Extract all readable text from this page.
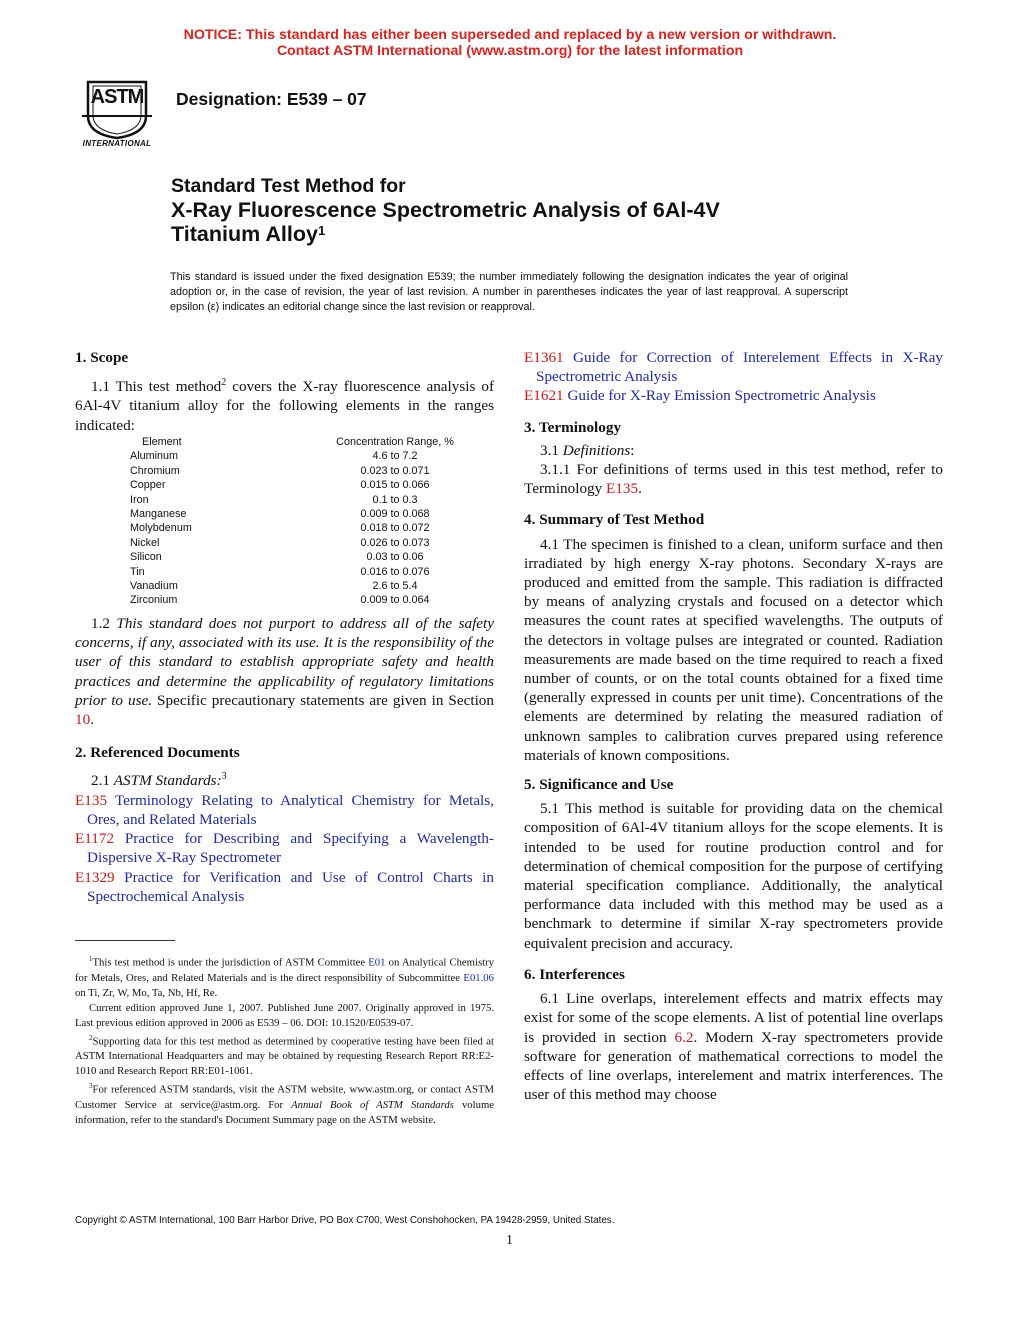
NOTICE: This standard has either been superseded and replaced by a new version or withdrawn.
Contact ASTM International (www.astm.org) for the latest information
ASTM
INTERNATIONAL
Designation: E539 – 07
Standard Test Method for
X-Ray Fluorescence Spectrometric Analysis of 6Al-4V
Titanium Alloy$^1$
This standard is issued under the fixed designation E539; the number immediately following the designation indicates the year of original adoption or, in the case of revision, the year of last revision. A number in parentheses indicates the year of last reapproval. A superscript epsilon (ε) indicates an editorial change since the last revision or reapproval.

1. Scope

1.1 This test method$^2$ covers the X-ray fluorescence analysis of 6Al-4V titanium alloy for the following elements in the ranges indicated:

Element	Concentration Range, %
Aluminum	4.6 to 7.2
Chromium	0.023 to 0.071
Copper	0.015 to 0.066
Iron	0.1 to 0.3
Manganese	0.009 to 0.068
Molybdenum	0.018 to 0.072
Nickel	0.026 to 0.073
Silicon	0.03 to 0.06
Tin	0.016 to 0.076
Vanadium	2.6 to 5.4
Zirconium	0.009 to 0.064

1.2 This standard does not purport to address all of the safety concerns, if any, associated with its use. It is the responsibility of the user of this standard to establish appropriate safety and health practices and determine the applicability of regulatory limitations prior to use. Specific precautionary statements are given in Section 10.

2. Referenced Documents

2.1 ASTM Standards:$^3$

E135 Terminology Relating to Analytical Chemistry for Metals, Ores, and Related Materials

E1172 Practice for Describing and Specifying a Wavelength-Dispersive X-Ray Spectrometer

E1329 Practice for Verification and Use of Control Charts in Spectrochemical Analysis

$^1$This test method is under the jurisdiction of ASTM Committee E01 on Analytical Chemistry for Metals, Ores, and Related Materials and is the direct responsibility of Subcommittee E01.06 on Ti, Zr, W, Mo, Ta, Nb, Hf, Re.

Current edition approved June 1, 2007. Published June 2007. Originally approved in 1975. Last previous edition approved in 2006 as E539 – 06. DOI: 10.1520/E0539-07.

$^2$Supporting data for this test method as determined by cooperative testing have been filed at ASTM International Headquarters and may be obtained by requesting Research Report RR:E2-1010 and Research Report RR:E01-1061.

$^3$For referenced ASTM standards, visit the ASTM website, www.astm.org, or contact ASTM Customer Service at service@astm.org. For Annual Book of ASTM Standards volume information, refer to the standard's Document Summary page on the ASTM website.

E1361 Guide for Correction of Interelement Effects in X-Ray Spectrometric Analysis

E1621 Guide for X-Ray Emission Spectrometric Analysis

3. Terminology

3.1 Definitions:

3.1.1 For definitions of terms used in this test method, refer to Terminology E135.

4. Summary of Test Method

4.1 The specimen is finished to a clean, uniform surface and then irradiated by high energy X-ray photons. Secondary X-rays are produced and emitted from the sample. This radiation is diffracted by means of analyzing crystals and focused on a detector which measures the count rates at specified wavelengths. The outputs of the detectors in voltage pulses are integrated or counted. Radiation measurements are made based on the time required to reach a fixed number of counts, or on the total counts obtained for a fixed time (generally expressed in counts per unit time). Concentrations of the elements are determined by relating the measured radiation of unknown samples to calibration curves prepared using reference materials of known compositions.

5. Significance and Use

5.1 This method is suitable for providing data on the chemical composition of 6Al-4V titanium alloys for the scope elements. It is intended to be used for routine production control and for determination of chemical composition for the purpose of certifying material specification compliance. Additionally, the analytical performance data included with this method may be used as a benchmark to determine if similar X-ray spectrometers provide equivalent precision and accuracy.

6. Interferences

6.1 Line overlaps, interelement effects and matrix effects may exist for some of the scope elements. A list of potential line overlaps is provided in section 6.2. Modern X-ray spectrometers provide software for generation of mathematical corrections to model the effects of line overlaps, interelement and matrix interferences. The user of this method may choose

Copyright © ASTM International, 100 Barr Harbor Drive, PO Box C700, West Conshohocken, PA 19428-2959, United States.
1
